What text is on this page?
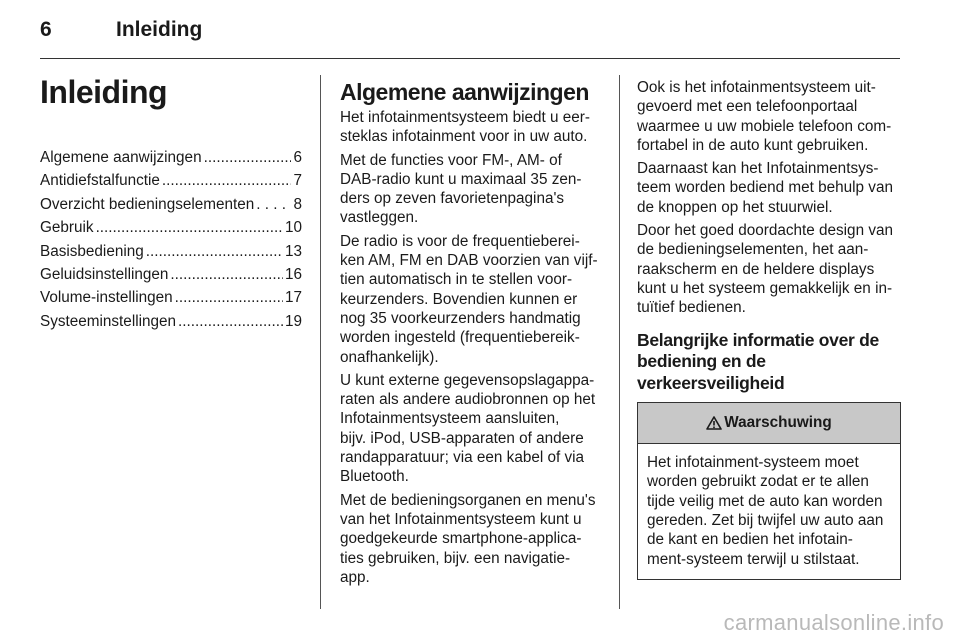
6	Inleiding
Inleiding
Algemene aanwijzingen .....	6
Antidiefstalfunctie .....	7
Overzicht bedieningselementen . . .	8
Gebruik .....	10
Basisbediening .....	13
Geluidsinstellingen .....	16
Volume-instellingen .....	17
Systeeminstellingen .....	19
Algemene aanwijzingen

Het infotainmentsysteem biedt u eer-
steklas infotainment voor in uw auto.

Met de functies voor FM-, AM- of
DAB-radio kunt u maximaal 35 zen-
ders op zeven favorietenpagina's
vastleggen.

De radio is voor de frequentieberei-
ken AM, FM en DAB voorzien van vijf-
tien automatisch in te stellen voor-
keurzenders. Bovendien kunnen er
nog 35 voorkeurzenders handmatig
worden ingesteld (frequentiebereik-
onafhankelijk).

U kunt externe gegevensopslagappa-
raten als andere audiobronnen op het
Infotainmentsysteem aansluiten,
bijv. iPod, USB-apparaten of andere
randapparatuur; via een kabel of via
Bluetooth.

Met de bedieningsorganen en menu's
van het Infotainmentsysteem kunt u
goedgekeurde smartphone-applica-
ties gebruiken, bijv. een navigatie-
app.

Ook is het infotainmentsysteem uit-
gevoerd met een telefoonportaal
waarmee u uw mobiele telefoon com-
fortabel in de auto kunt gebruiken.

Daarnaast kan het Infotainmentsys-
teem worden bediend met behulp van
de knoppen op het stuurwiel.

Door het goed doordachte design van
de bedieningselementen, het aan-
raakscherm en de heldere displays
kunt u het systeem gemakkelijk en in-
tuïtief bedienen.

Belangrijke informatie over de
bediening en de
verkeersveiligheid
Waarschuwing
Het infotainment-systeem moet
worden gebruikt zodat er te allen
tijde veilig met de auto kan worden
gereden. Zet bij twijfel uw auto aan
de kant en bedien het infotain-
ment-systeem terwijl u stilstaat.
carmanualsonline.info
